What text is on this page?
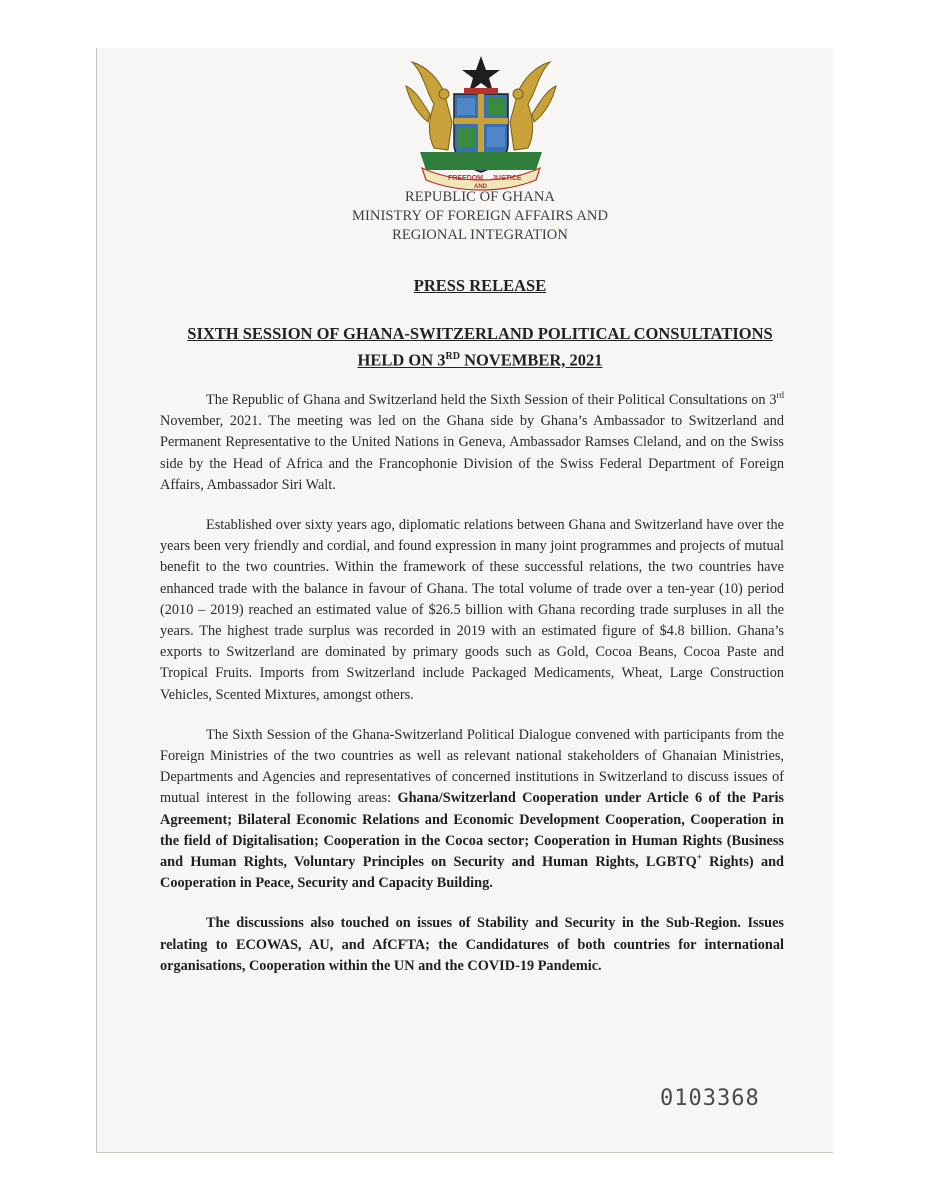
FREEDOM
AND
JUSTICE
REPUBLIC OF GHANA
MINISTRY OF FOREIGN AFFAIRS AND
REGIONAL INTEGRATION
PRESS RELEASE
SIXTH SESSION OF GHANA-SWITZERLAND POLITICAL CONSULTATIONS
HELD ON 3RD NOVEMBER, 2021

The Republic of Ghana and Switzerland held the Sixth Session of their Political Consultations on 3rd November, 2021. The meeting was led on the Ghana side by Ghana’s Ambassador to Switzerland and Permanent Representative to the United Nations in Geneva, Ambassador Ramses Cleland, and on the Swiss side by the Head of Africa and the Francophonie Division of the Swiss Federal Department of Foreign Affairs, Ambassador Siri Walt.

Established over sixty years ago, diplomatic relations between Ghana and Switzerland have over the years been very friendly and cordial, and found expression in many joint programmes and projects of mutual benefit to the two countries. Within the framework of these successful relations, the two countries have enhanced trade with the balance in favour of Ghana. The total volume of trade over a ten-year (10) period (2010 – 2019) reached an estimated value of $26.5 billion with Ghana recording trade surpluses in all the years. The highest trade surplus was recorded in 2019 with an estimated figure of $4.8 billion. Ghana’s exports to Switzerland are dominated by primary goods such as Gold, Cocoa Beans, Cocoa Paste and Tropical Fruits. Imports from Switzerland include Packaged Medicaments, Wheat, Large Construction Vehicles, Scented Mixtures, amongst others.

The Sixth Session of the Ghana-Switzerland Political Dialogue convened with participants from the Foreign Ministries of the two countries as well as relevant national stakeholders of Ghanaian Ministries, Departments and Agencies and representatives of concerned institutions in Switzerland to discuss issues of mutual interest in the following areas: Ghana/Switzerland Cooperation under Article 6 of the Paris Agreement; Bilateral Economic Relations and Economic Development Cooperation, Cooperation in the field of Digitalisation; Cooperation in the Cocoa sector; Cooperation in Human Rights (Business and Human Rights, Voluntary Principles on Security and Human Rights, LGBTQ+ Rights) and Cooperation in Peace, Security and Capacity Building.

The discussions also touched on issues of Stability and Security in the Sub-Region. Issues relating to ECOWAS, AU, and AfCFTA; the Candidatures of both countries for international organisations, Cooperation within the UN and the COVID-19 Pandemic.

0103368
